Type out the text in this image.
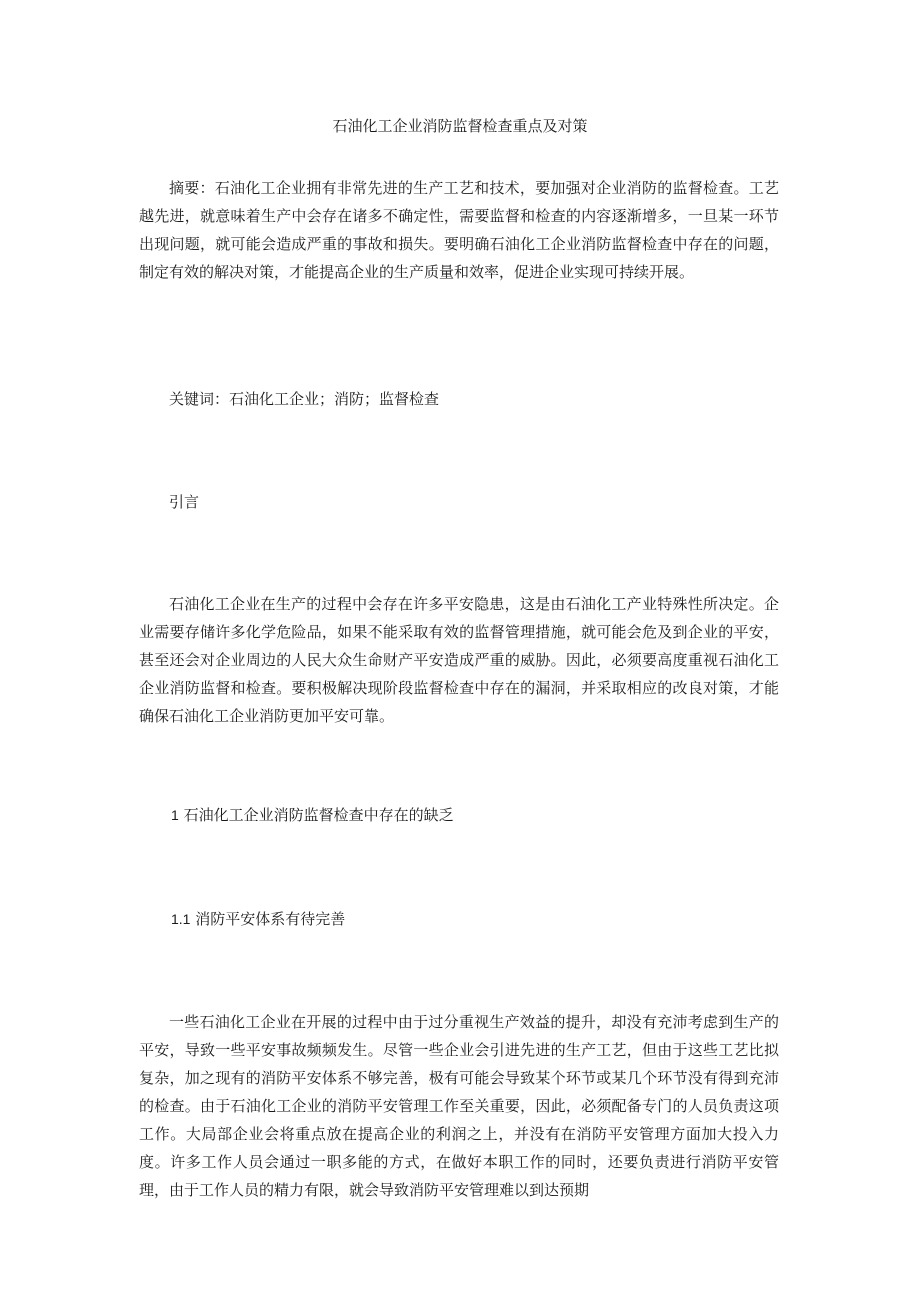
石油化工企业消防监督检查重点及对策

摘要：石油化工企业拥有非常先进的生产工艺和技术，要加强对企业消防的监督检查。工艺越先进，就意味着生产中会存在诸多不确定性，需要监督和检查的内容逐渐增多，一旦某一环节出现问题，就可能会造成严重的事故和损失。要明确石油化工企业消防监督检查中存在的问题，制定有效的解决对策，才能提高企业的生产质量和效率，促进企业实现可持续开展。

关键词：石油化工企业；消防；监督检查

引言

石油化工企业在生产的过程中会存在许多平安隐患，这是由石油化工产业特殊性所决定。企业需要存储许多化学危险品，如果不能采取有效的监督管理措施，就可能会危及到企业的平安，甚至还会对企业周边的人民大众生命财产平安造成严重的威胁。因此，必须要高度重视石油化工企业消防监督和检查。要积极解决现阶段监督检查中存在的漏洞，并采取相应的改良对策，才能确保石油化工企业消防更加平安可靠。

1 石油化工企业消防监督检查中存在的缺乏
1.1 消防平安体系有待完善

一些石油化工企业在开展的过程中由于过分重视生产效益的提升，却没有充沛考虑到生产的平安，导致一些平安事故频频发生。尽管一些企业会引进先进的生产工艺，但由于这些工艺比拟复杂，加之现有的消防平安体系不够完善，极有可能会导致某个环节或某几个环节没有得到充沛的检查。由于石油化工企业的消防平安管理工作至关重要，因此，必须配备专门的人员负责这项工作。大局部企业会将重点放在提高企业的利润之上，并没有在消防平安管理方面加大投入力度。许多工作人员会通过一职多能的方式，在做好本职工作的同时，还要负责进行消防平安管理，由于工作人员的精力有限，就会导致消防平安管理难以到达预期
